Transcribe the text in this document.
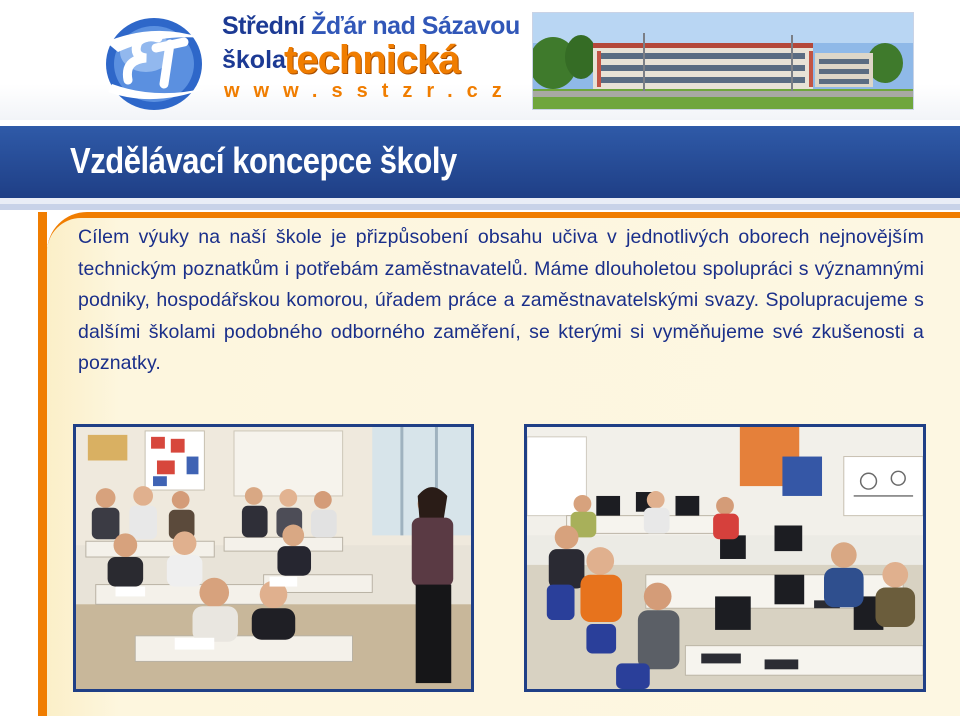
Střední Žďár nad Sázavou
škola
technická
www.sstzr.cz
Vzdělávací koncepce školy

Cílem výuky na naší škole je přizpůsobení obsahu učiva v jednotlivých oborech nejnovějším technickým poznatkům i potřebám zaměstnavatelů. Máme dlouholetou spolupráci s významnými podniky, hospodářskou komorou, úřadem práce a zaměstnavatelskými svazy. Spolupracujeme s dalšími školami podobného odborného zaměření, se kterými si vyměňujeme své zkušenosti a poznatky.
